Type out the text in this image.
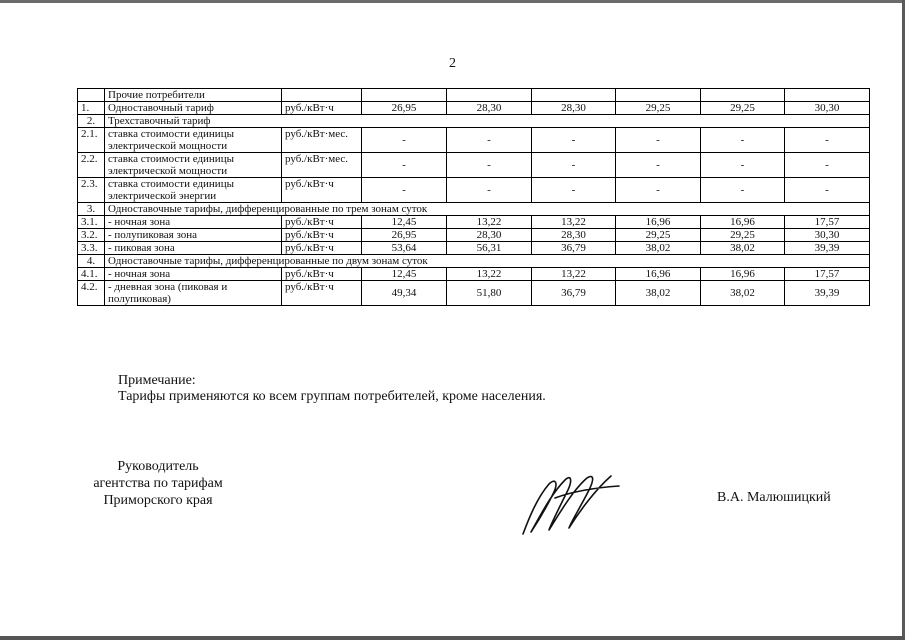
2
	Прочие потребители							
1.	Одноставочный тариф	руб./кВт·ч	26,95	28,30	28,30	29,25	29,25	30,30
2.	Трехставочный тариф							
2.1.	ставка стоимости единицы электрической мощности	руб./кВт·мес.	-	-	-	-	-	-
2.2.	ставка стоимости единицы электрической мощности	руб./кВт·мес.	-	-	-	-	-	-
2.3.	ставка стоимости единицы электрической энергии	руб./кВт·ч	-	-	-	-	-	-
3.	Одноставочные тарифы, дифференцированные по трем зонам суток							
3.1.	- ночная зона	руб./кВт·ч	12,45	13,22	13,22	16,96	16,96	17,57
3.2.	- полупиковая зона	руб./кВт·ч	26,95	28,30	28,30	29,25	29,25	30,30
3.3.	- пиковая зона	руб./кВт·ч	53,64	56,31	36,79	38,02	38,02	39,39
4.	Одноставочные тарифы, дифференцированные по двум зонам суток							
4.1.	- ночная зона	руб./кВт·ч	12,45	13,22	13,22	16,96	16,96	17,57
4.2.	- дневная зона (пиковая и полупиковая)	руб./кВт·ч	49,34	51,80	36,79	38,02	38,02	39,39
Примечание:
Тарифы применяются ко всем группам потребителей, кроме населения.
Руководитель
агентства по тарифам
Приморского края	В.А. Малюшицкий
